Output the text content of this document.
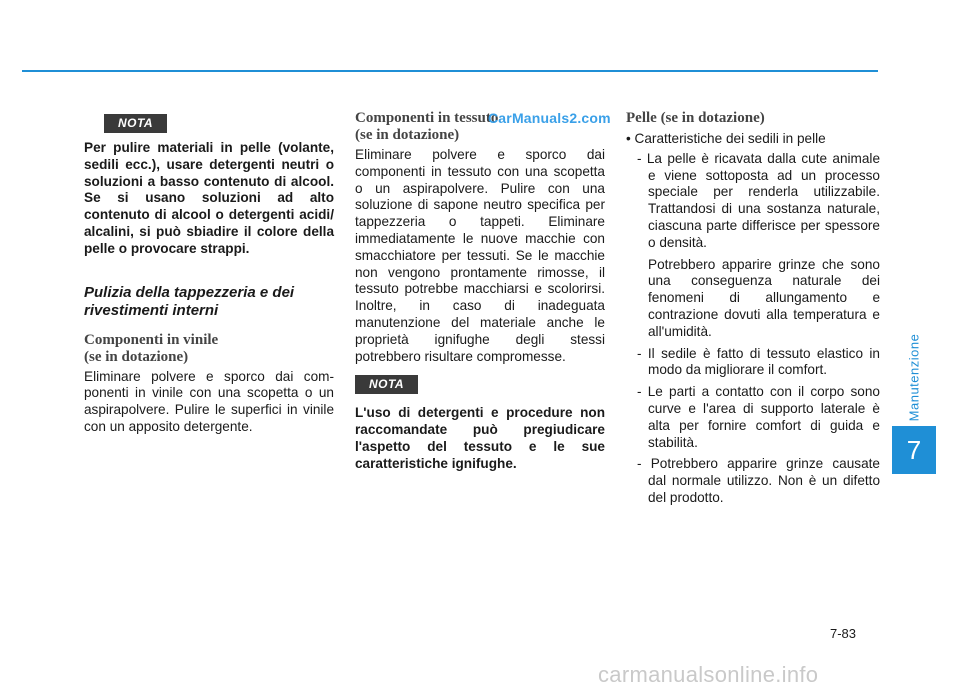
NOTA

Per pulire materiali in pelle (volante, sedili ecc.), usare detergenti neutri o soluzioni a basso contenuto di alcool. Se si usano soluzioni ad alto contenuto di alcool o detergenti acidi/ alcalini, si può sbiadire il colore della pelle o provocare strappi.

Pulizia della tappezzeria e dei rivestimenti interni

Componenti in vinile

(se in dotazione)

Eliminare polvere e sporco dai componenti in vinile con una scopetta o un aspirapolvere. Pulire le superfici in vinile con un apposito detergente.

Componenti in tessuto

(se in dotazione)

Eliminare polvere e sporco dai componenti in tessuto con una scopetta o un aspirapolvere. Pulire con una soluzione di sapone neutro specifica per tappezzeria o tappeti. Eliminare immediatamente le nuove macchie con smacchiatore per tessuti. Se le macchie non vengono prontamente rimosse, il tessuto potrebbe macchiarsi e scolorirsi. Inoltre, in caso di inadeguata manutenzione del materiale anche le proprietà ignifughe degli stessi potrebbero risultare compromesse.

NOTA

L'uso di detergenti e procedure non raccomandate può pregiudicare l'aspetto del tessuto e le sue caratteristiche ignifughe.

CarManuals2.com Pelle (se in dotazione)

• Caratteristiche dei sedili in pelle

- La pelle è ricavata dalla cute animale e viene sottoposta ad un processo speciale per renderla utilizzabile. Trattandosi di una sostanza naturale, ciascuna parte differisce per spessore o densità.

Potrebbero apparire grinze che sono una conseguenza naturale dei fenomeni di allungamento e contrazione dovuti alla temperatura e all'umidità.

- Il sedile è fatto di tessuto elastico in modo da migliorare il comfort.

- Le parti a contatto con il corpo sono curve e l'area di supporto laterale è alta per fornire comfort di guida e stabilità.

- Potrebbero apparire grinze causate dal normale utilizzo. Non è un difetto del prodotto.

Manutenzione
7
7-83
carmanualsonline.info
